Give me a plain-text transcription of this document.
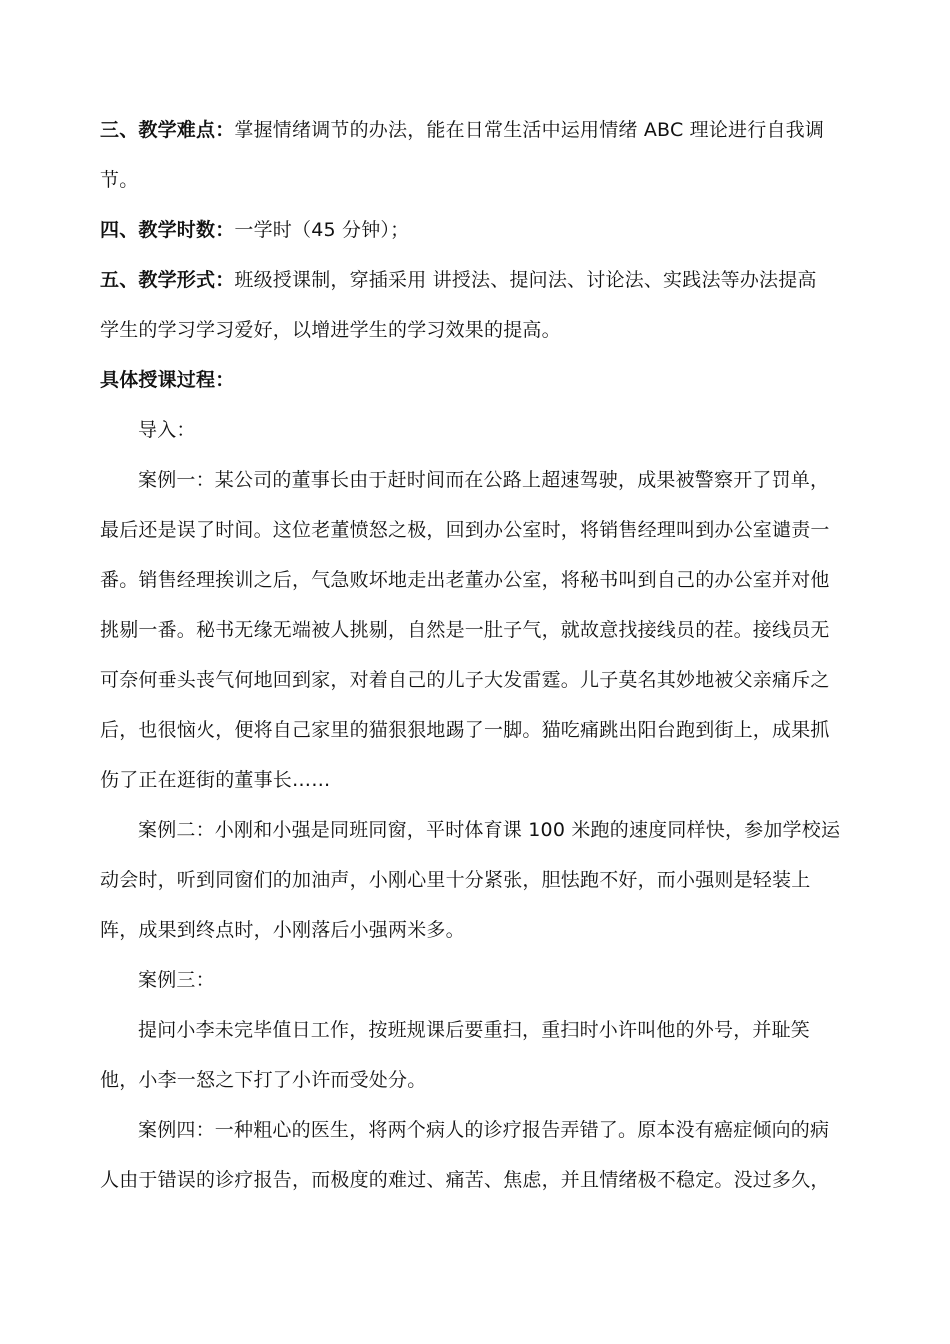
三、教学难点：掌握情绪调节的办法，能在日常生活中运用情绪 ABC 理论进行自我调
节。
四、教学时数：一学时（45 分钟）；
五、教学形式：班级授课制，穿插采用 讲授法、提问法、讨论法、实践法等办法提高
学生的学习学习爱好，以增进学生的学习效果的提高。
具体授课过程：
导入：
案例一：某公司的董事长由于赶时间而在公路上超速驾驶，成果被警察开了罚单，
最后还是误了时间。这位老董愤怒之极，回到办公室时，将销售经理叫到办公室谴责一
番。销售经理挨训之后，气急败坏地走出老董办公室，将秘书叫到自己的办公室并对他
挑剔一番。秘书无缘无端被人挑剔，自然是一肚子气，就故意找接线员的茬。接线员无
可奈何垂头丧气何地回到家，对着自己的儿子大发雷霆。儿子莫名其妙地被父亲痛斥之
后，也很恼火，便将自己家里的猫狠狠地踢了一脚。猫吃痛跳出阳台跑到街上，成果抓
伤了正在逛街的董事长……
案例二：小刚和小强是同班同窗，平时体育课 100 米跑的速度同样快，参加学校运
动会时，听到同窗们的加油声，小刚心里十分紧张，胆怯跑不好，而小强则是轻装上
阵，成果到终点时，小刚落后小强两米多。
案例三：
提问小李未完毕值日工作，按班规课后要重扫，重扫时小许叫他的外号，并耻笑
他，小李一怒之下打了小许而受处分。
案例四：一种粗心的医生，将两个病人的诊疗报告弄错了。原本没有癌症倾向的病
人由于错误的诊疗报告，而极度的难过、痛苦、焦虑，并且情绪极不稳定。没过多久，
